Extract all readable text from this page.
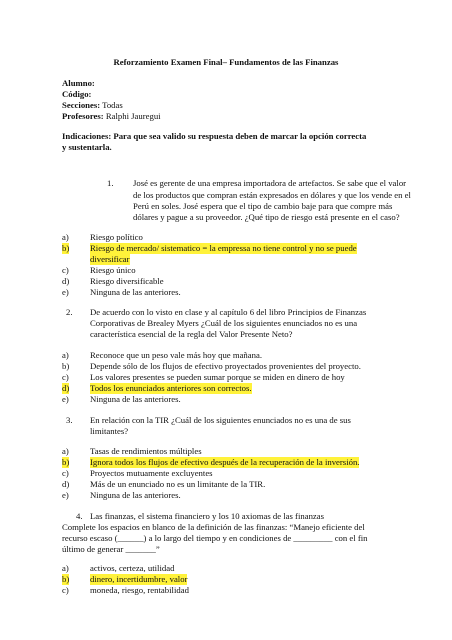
Reforzamiento Examen Final– Fundamentos de las Finanzas
Alumno:
Código:
Secciones: Todas
Profesores: Ralphi Jauregui
Indicaciones: Para que sea valido su respuesta deben de marcar la opción correcta
y sustentarla.
1. José es gerente de una empresa importadora de artefactos. Se sabe que el valor
de los productos que compran están expresados en dólares y que los vende en el
Perú en soles. José espera que el tipo de cambio baje para que compre más
dólares y pague a su proveedor. ¿Qué tipo de riesgo está presente en el caso?
a) Riesgo político
b) Riesgo de mercado/ sistematico = la empressa no tiene control y no se puede
diversificar
c) Riesgo único
d) Riesgo diversificable
e) Ninguna de las anteriores.
2. De acuerdo con lo visto en clase y al capítulo 6 del libro Principios de Finanzas
Corporativas de Brealey Myers ¿Cuál de los siguientes enunciados no es una
característica esencial de la regla del Valor Presente Neto?
a) Reconoce que un peso vale más hoy que mañana.
b) Depende sólo de los flujos de efectivo proyectados provenientes del proyecto.
c) Los valores presentes se pueden sumar porque se miden en dinero de hoy
d) Todos los enunciados anteriores son correctos.
e) Ninguna de las anteriores.
3. En relación con la TIR ¿Cuál de los siguientes enunciados no es una de sus
limitantes?
a) Tasas de rendimientos múltiples
b) Ignora todos los flujos de efectivo después de la recuperación de la inversión.
c) Proyectos mutuamente excluyentes
d) Más de un enunciado no es un limitante de la TIR.
e) Ninguna de las anteriores.
4. Las finanzas, el sistema financiero y los 10 axiomas de las finanzas
Complete los espacios en blanco de la definición de las finanzas: “Manejo eficiente del
recurso escaso (______) a lo largo del tiempo y en condiciones de _________ con el fin
último de generar _______”
a) activos, certeza, utilidad
b) dinero, incertidumbre, valor
c) moneda, riesgo, rentabilidad
